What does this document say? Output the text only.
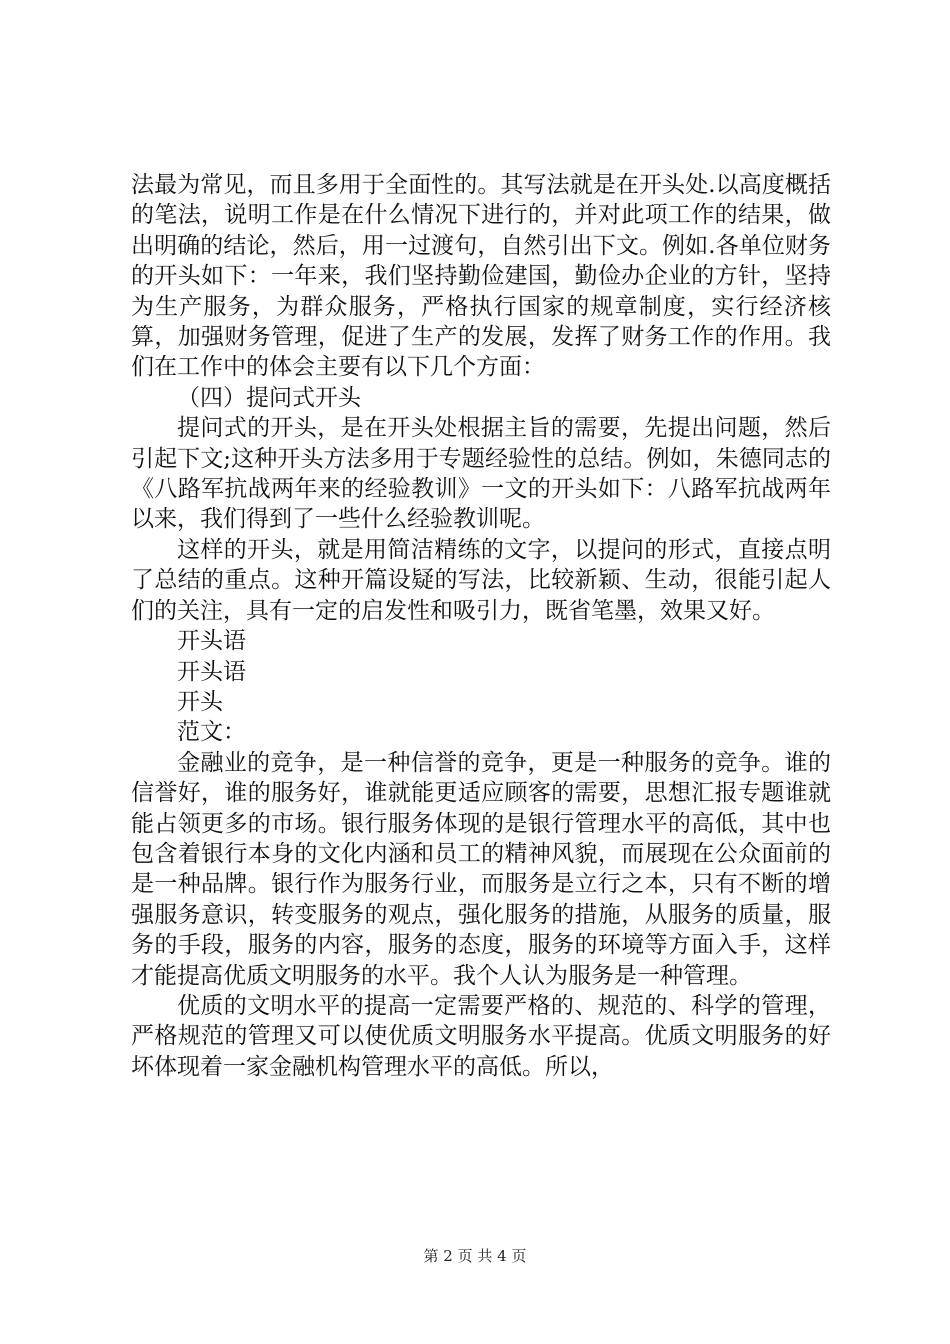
法最为常见，而且多用于全面性的。其写法就是在开头处.以高度概括的笔法，说明工作是在什么情况下进行的，并对此项工作的结果，做出明确的结论，然后，用一过渡句，自然引出下文。例如.各单位财务的开头如下：一年来，我们坚持勤俭建国，勤俭办企业的方针，坚持为生产服务，为群众服务，严格执行国家的规章制度，实行经济核算，加强财务管理，促进了生产的发展，发挥了财务工作的作用。我们在工作中的体会主要有以下几个方面：

（四）提问式开头

提问式的开头，是在开头处根据主旨的需要，先提出问题，然后引起下文;这种开头方法多用于专题经验性的总结。例如，朱德同志的《八路军抗战两年来的经验教训》一文的开头如下：八路军抗战两年以来，我们得到了一些什么经验教训呢。

这样的开头，就是用简洁精练的文字，以提问的形式，直接点明了总结的重点。这种开篇设疑的写法，比较新颖、生动，很能引起人们的关注，具有一定的启发性和吸引力，既省笔墨，效果又好。

开头语

开头语

开头

范文：

金融业的竞争，是一种信誉的竞争，更是一种服务的竞争。谁的信誉好，谁的服务好，谁就能更适应顾客的需要，思想汇报专题谁就能占领更多的市场。银行服务体现的是银行管理水平的高低，其中也包含着银行本身的文化内涵和员工的精神风貌，而展现在公众面前的是一种品牌。银行作为服务行业，而服务是立行之本，只有不断的增强服务意识，转变服务的观点，强化服务的措施，从服务的质量，服务的手段，服务的内容，服务的态度，服务的环境等方面入手，这样才能提高优质文明服务的水平。我个人认为服务是一种管理。

优质的文明水平的提高一定需要严格的、规范的、科学的管理，严格规范的管理又可以使优质文明服务水平提高。优质文明服务的好坏体现着一家金融机构管理水平的高低。所以，

第 2 页 共 4 页
